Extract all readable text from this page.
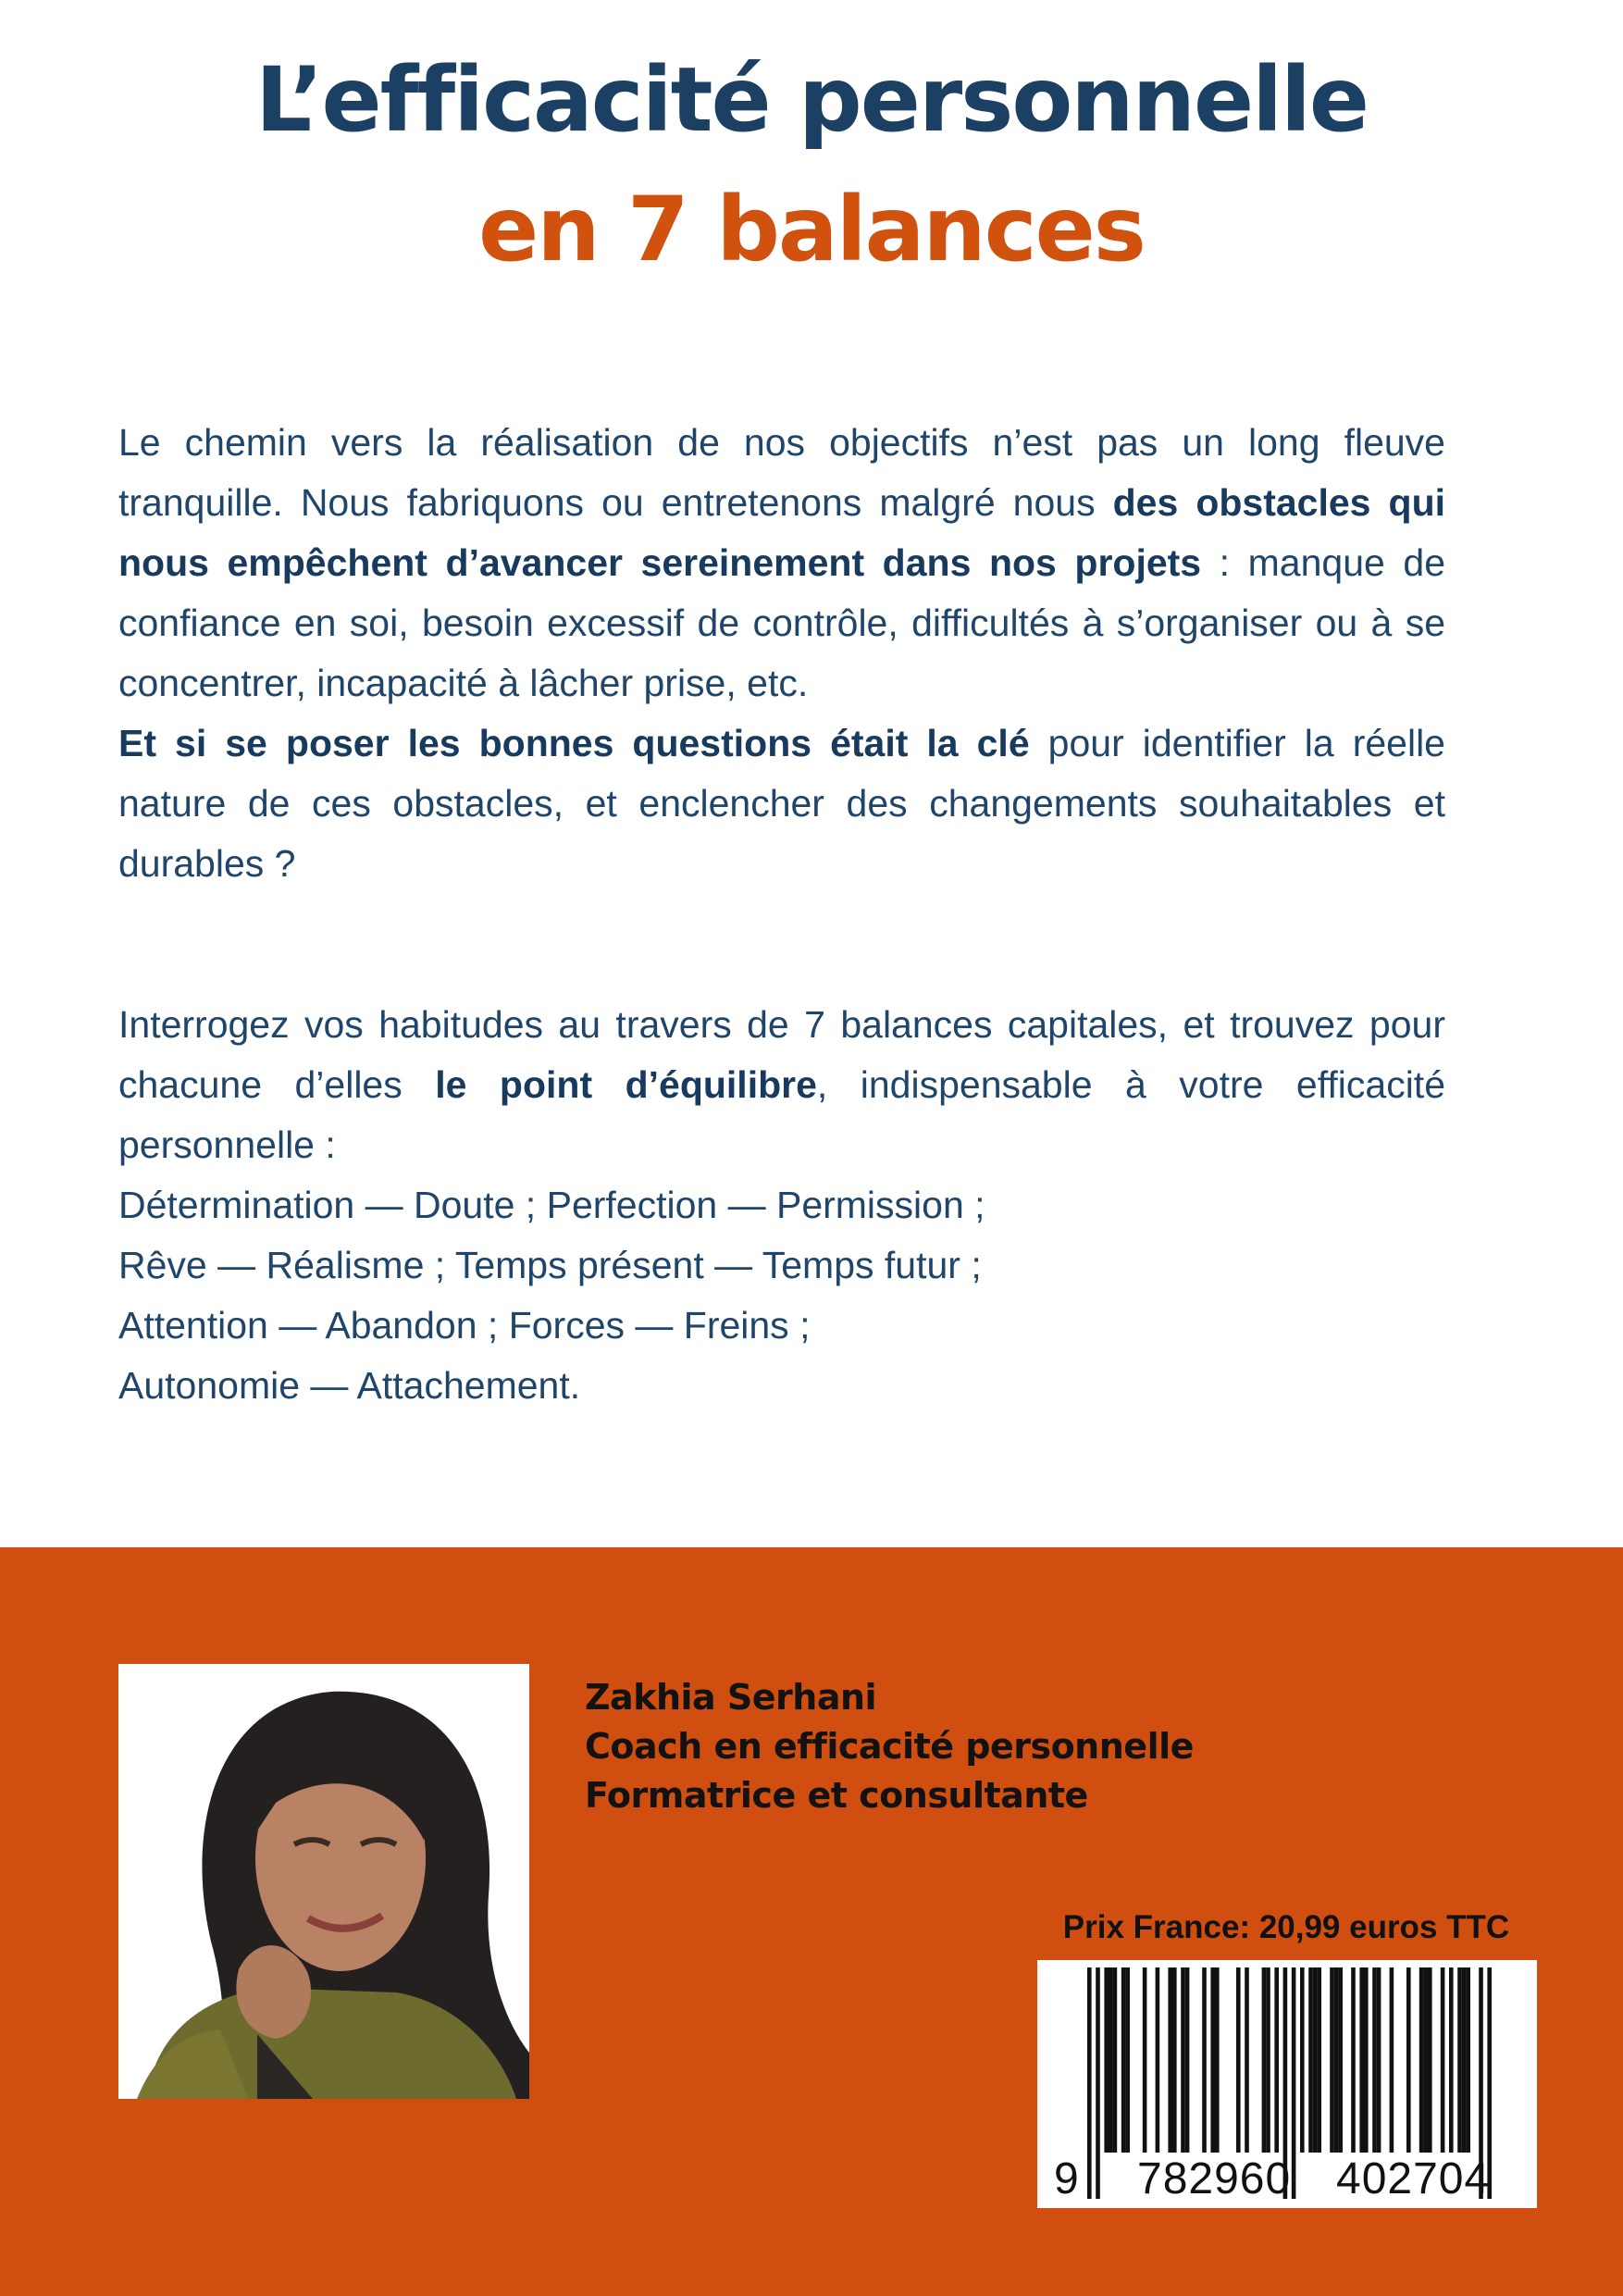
L’efficacité personnelle
en 7 balances

Le chemin vers la réalisation de nos objectifs n’est pas un long fleuve tranquille. Nous fabriquons ou entretenons malgré nous des obstacles qui nous empêchent d’avancer sereinement dans nos projets : manque de confiance en soi, besoin excessif de contrôle, difficultés à s’organiser ou à se concentrer, incapacité à lâcher prise, etc.

Et si se poser les bonnes questions était la clé pour identifier la réelle nature de ces obstacles, et enclencher des changements souhaitables et durables ?

Interrogez vos habitudes au travers de 7 balances capitales, et trouvez pour chacune d’elles le point d’équilibre, indispensable à votre efficacité personnelle :

Détermination — Doute ; Perfection — Permission ;

Rêve — Réalisme ; Temps présent — Temps futur ;

Attention — Abandon ; Forces — Freins ;

Autonomie — Attachement.

Zakhia Serhani
Coach en efficacité personnelle
Formatrice et consultante
Prix France: 20,99 euros TTC
9 782960 402704
